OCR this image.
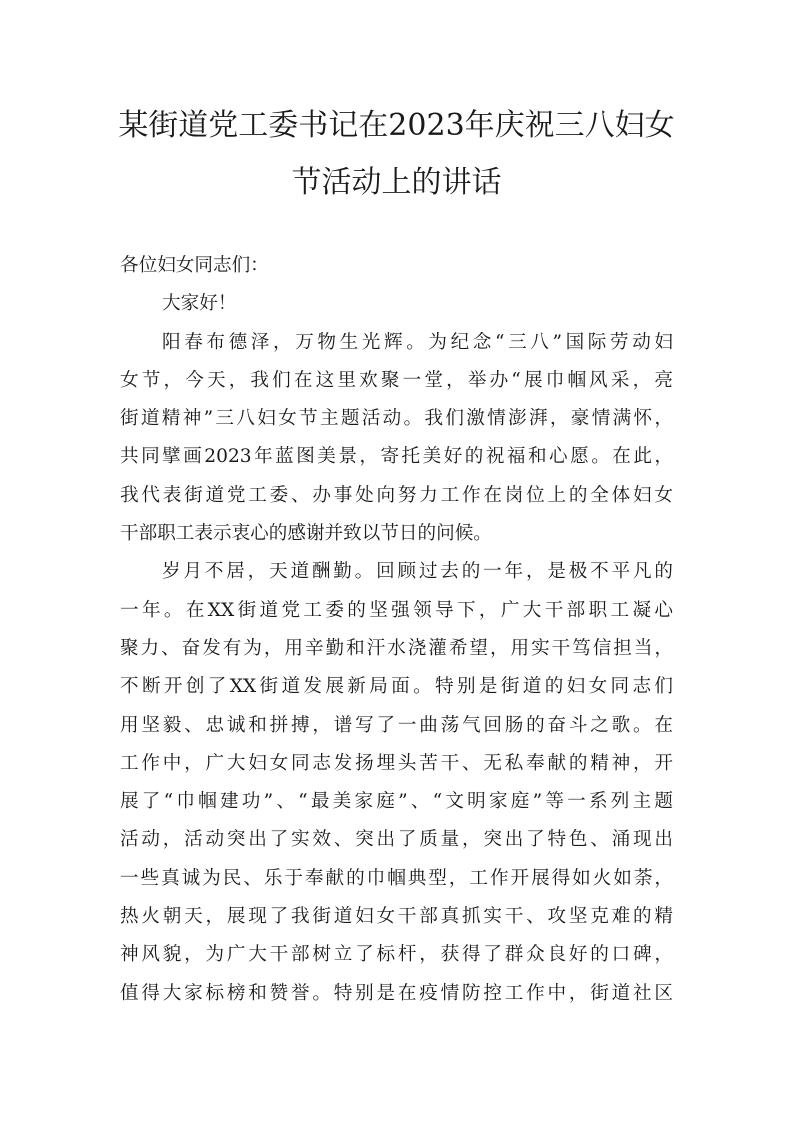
某街道党工委书记在2023年庆祝三八妇女
节活动上的讲话
各位妇女同志们：
大家好！
阳春布德泽，万物生光辉。为纪念“三八”国际劳动妇
女节，今天，我们在这里欢聚一堂，举办“展巾帼风采，亮
街道精神”三八妇女节主题活动。我们激情澎湃，豪情满怀，
共同擘画2023年蓝图美景，寄托美好的祝福和心愿。在此，
我代表街道党工委、办事处向努力工作在岗位上的全体妇女
干部职工表示衷心的感谢并致以节日的问候。
岁月不居，天道酬勤。回顾过去的一年，是极不平凡的
一年。在XX街道党工委的坚强领导下，广大干部职工凝心
聚力、奋发有为，用辛勤和汗水浇灌希望，用实干笃信担当，
不断开创了XX街道发展新局面。特别是街道的妇女同志们
用坚毅、忠诚和拼搏，谱写了一曲荡气回肠的奋斗之歌。在
工作中，广大妇女同志发扬埋头苦干、无私奉献的精神，开
展了“巾帼建功”、“最美家庭”、“文明家庭”等一系列主题
活动，活动突出了实效、突出了质量，突出了特色、涌现出
一些真诚为民、乐于奉献的巾帼典型，工作开展得如火如荼，
热火朝天，展现了我街道妇女干部真抓实干、攻坚克难的精
神风貌，为广大干部树立了标杆，获得了群众良好的口碑，
值得大家标榜和赞誉。特别是在疫情防控工作中，街道社区
